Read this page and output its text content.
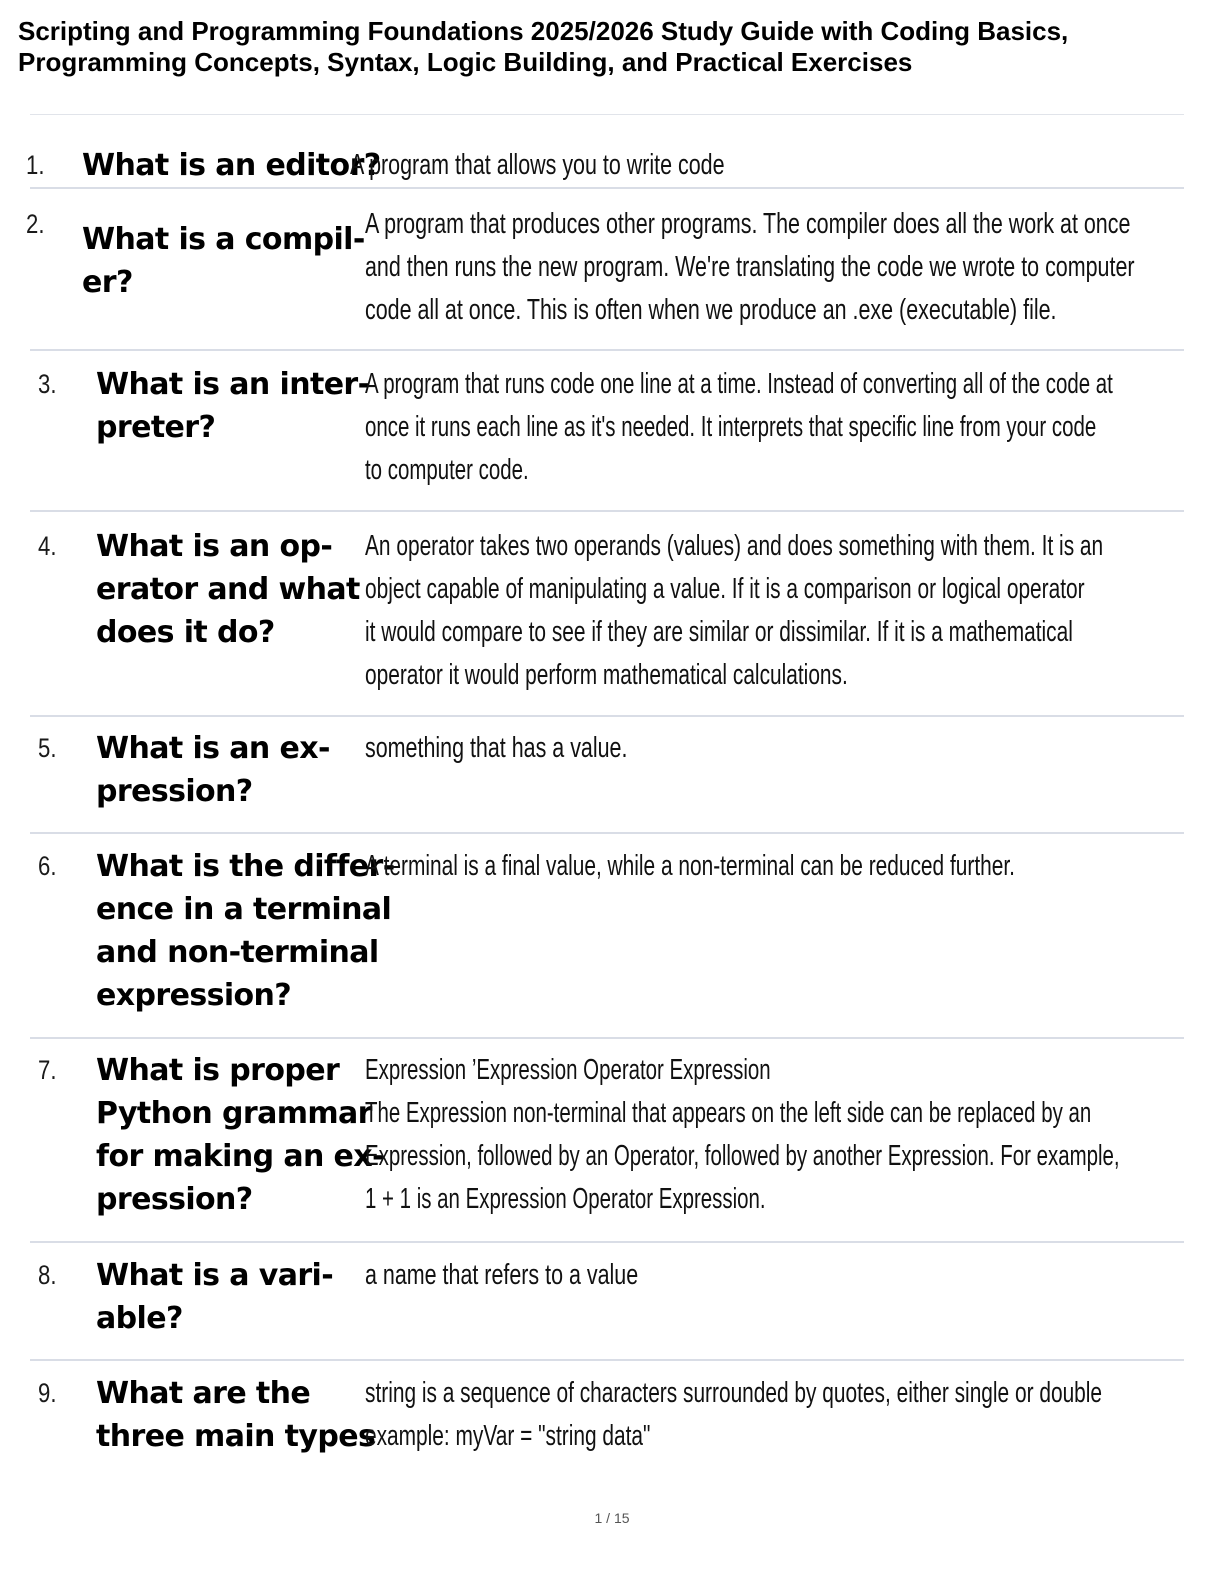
Scripting and Programming Foundations 2025/2026 Study Guide with Coding Basics,
Programming Concepts, Syntax, Logic Building, and Practical Exercises
1. What is an editor?
A program that allows you to write code
2. What is a compil-
er?
A program that produces other programs. The compiler does all the work at once
and then runs the new program. We're translating the code we wrote to computer
code all at once. This is often when we produce an .exe (executable) file.
3. What is an inter-
preter?
A program that runs code one line at a time. Instead of converting all of the code at
once it runs each line as it's needed. It interprets that specific line from your code
to computer code.
4. What is an op-
erator and what
does it do?
An operator takes two operands (values) and does something with them. It is an
object capable of manipulating a value. If it is a comparison or logical operator
it would compare to see if they are similar or dissimilar. If it is a mathematical
operator it would perform mathematical calculations.
5. What is an ex-
pression?
something that has a value.
6. What is the differ-
ence in a terminal
and non-terminal
expression?
A terminal is a final value, while a non-terminal can be reduced further.
7. What is proper
Python grammar
for making an ex-
pression?
Expression ’Expression Operator Expression
The Expression non-terminal that appears on the left side can be replaced by an
Expression, followed by an Operator, followed by another Expression. For example,
1 + 1 is an Expression Operator Expression.
8. What is a vari-
able?
a name that refers to a value
9. What are the
three main types
string is a sequence of characters surrounded by quotes, either single or double
example: myVar = "string data"
1 / 15
